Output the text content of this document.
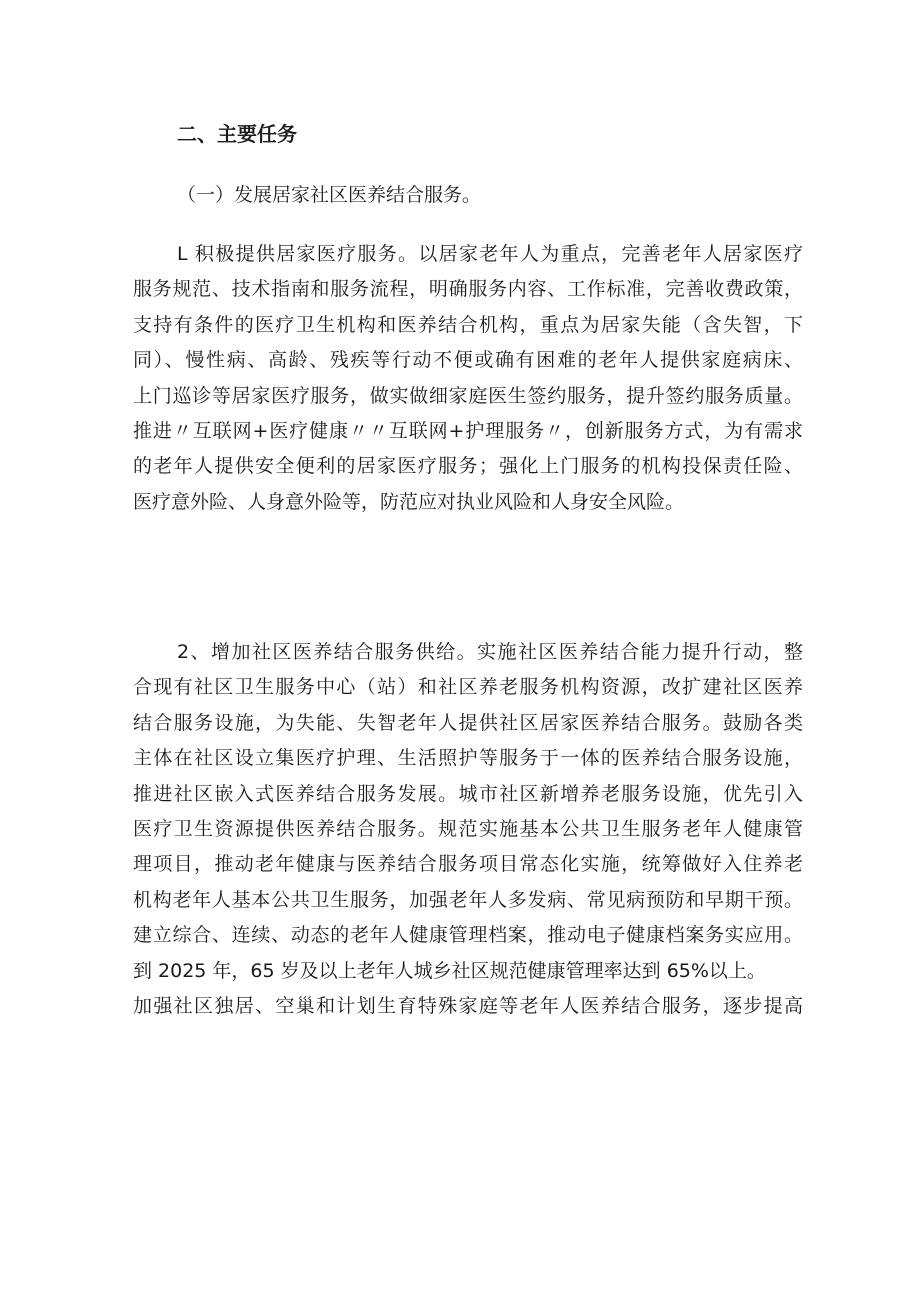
二、主要任务
（一）发展居家社区医养结合服务。
L 积极提供居家医疗服务。以居家老年人为重点，完善老年人居家医疗
服务规范、技术指南和服务流程，明确服务内容、工作标准，完善收费政策，
支持有条件的医疗卫生机构和医养结合机构，重点为居家失能（含失智，下
同）、慢性病、高龄、残疾等行动不便或确有困难的老年人提供家庭病床、
上门巡诊等居家医疗服务，做实做细家庭医生签约服务，提升签约服务质量。
推进〃互联网+医疗健康〃〃互联网+护理服务〃，创新服务方式，为有需求
的老年人提供安全便利的居家医疗服务；强化上门服务的机构投保责任险、
医疗意外险、人身意外险等，防范应对执业风险和人身安全风险。
2、增加社区医养结合服务供给。实施社区医养结合能力提升行动，整
合现有社区卫生服务中心（站）和社区养老服务机构资源，改扩建社区医养
结合服务设施，为失能、失智老年人提供社区居家医养结合服务。鼓励各类
主体在社区设立集医疗护理、生活照护等服务于一体的医养结合服务设施，
推进社区嵌入式医养结合服务发展。城市社区新增养老服务设施，优先引入
医疗卫生资源提供医养结合服务。规范实施基本公共卫生服务老年人健康管
理项目，推动老年健康与医养结合服务项目常态化实施，统筹做好入住养老
机构老年人基本公共卫生服务，加强老年人多发病、常见病预防和早期干预。
建立综合、连续、动态的老年人健康管理档案，推动电子健康档案务实应用。
到 2025 年，65 岁及以上老年人城乡社区规范健康管理率达到 65%以上。
加强社区独居、空巢和计划生育特殊家庭等老年人医养结合服务，逐步提高
